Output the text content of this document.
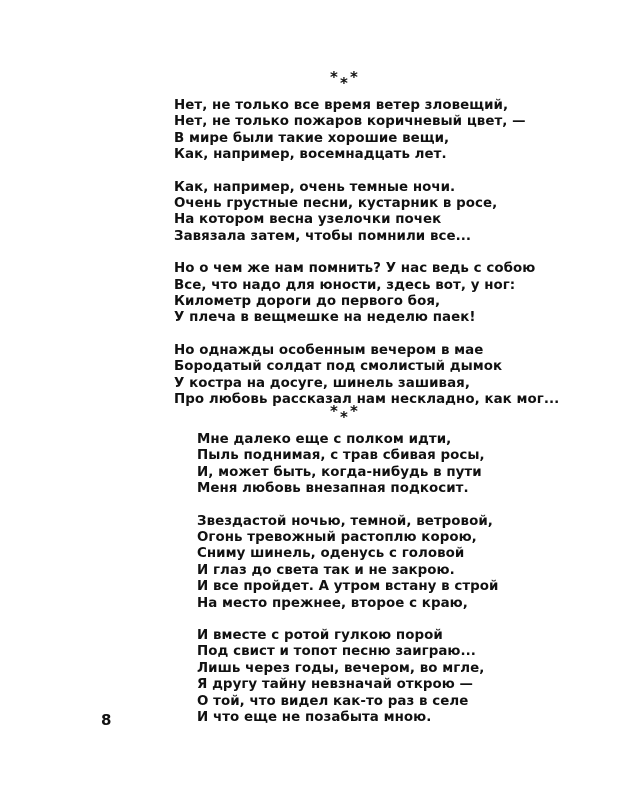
* * *
Нет, не только все время ветер зловещий,
Нет, не только пожаров коричневый цвет, —
В мире были такие хорошие вещи,
Как, например, восемнадцать лет.
Как, например, очень темные ночи.
Очень грустные песни, кустарник в росе,
На котором весна узелочки почек
Завязала затем, чтобы помнили все...
Но о чем же нам помнить? У нас ведь с собою
Все, что надо для юности, здесь вот, у ног:
Километр дороги до первого боя,
У плеча в вещмешке на неделю паек!
Но однажды особенным вечером в мае
Бородатый солдат под смолистый дымок
У костра на досуге, шинель зашивая,
Про любовь рассказал нам нескладно, как мог...
* * *
Мне далеко еще с полком идти,
Пыль поднимая, с трав сбивая росы,
И, может быть, когда-нибудь в пути
Меня любовь внезапная подкосит.
Звездастой ночью, темной, ветровой,
Огонь тревожный растоплю корою,
Сниму шинель, оденусь с головой
И глаз до света так и не закрою.
И все пройдет. А утром встану в строй
На место прежнее, второе с краю,
И вместе с ротой гулкою порой
Под свист и топот песню заиграю...
Лишь через годы, вечером, во мгле,
Я другу тайну невзначай открою —
О той, что видел как-то раз в селе
И что еще не позабыта мною.
8
